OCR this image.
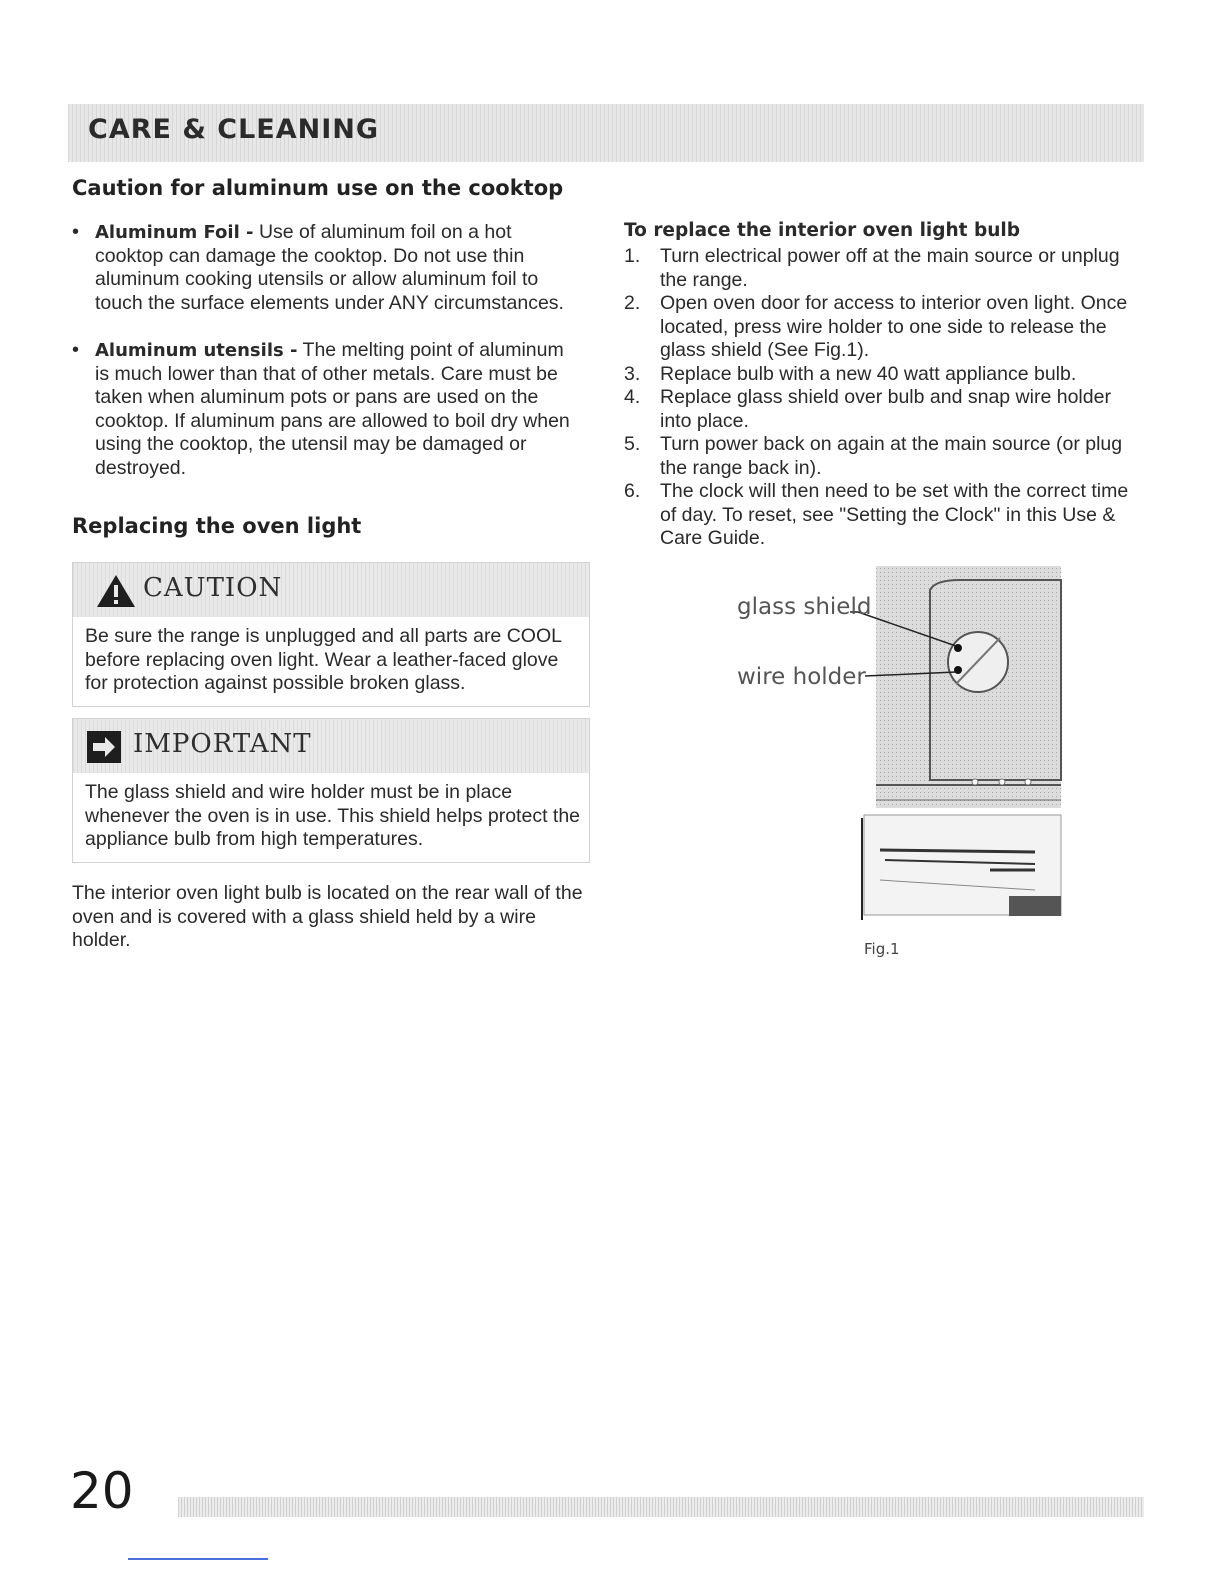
CARE & CLEANING
Caution for aluminum use on the cooktop
• Aluminum Foil - Use of aluminum foil on a hot cooktop can damage the cooktop. Do not use thin aluminum cooking utensils or allow aluminum foil to touch the surface elements under ANY circumstances.
• Aluminum utensils - The melting point of aluminum is much lower than that of other metals. Care must be taken when aluminum pots or pans are used on the cooktop. If aluminum pans are allowed to boil dry when using the cooktop, the utensil may be damaged or destroyed.
Replacing the oven light
CAUTION
Be sure the range is unplugged and all parts are COOL before replacing oven light. Wear a leather-faced glove for protection against possible broken glass.
IMPORTANT
The glass shield and wire holder must be in place whenever the oven is in use. This shield helps protect the appliance bulb from high temperatures.
The interior oven light bulb is located on the rear wall of the oven and is covered with a glass shield held by a wire holder.
To replace the interior oven light bulb
1. Turn electrical power off at the main source or unplug the range.
2. Open oven door for access to interior oven light. Once located, press wire holder to one side to release the glass shield (See Fig.1).
3. Replace bulb with a new 40 watt appliance bulb.
4. Replace glass shield over bulb and snap wire holder into place.
5. Turn power back on again at the main source (or plug the range back in).
6. The clock will then need to be set with the correct time of day. To reset, see "Setting the Clock" in this Use & Care Guide.
glass shield
wire holder
Fig.1
20
